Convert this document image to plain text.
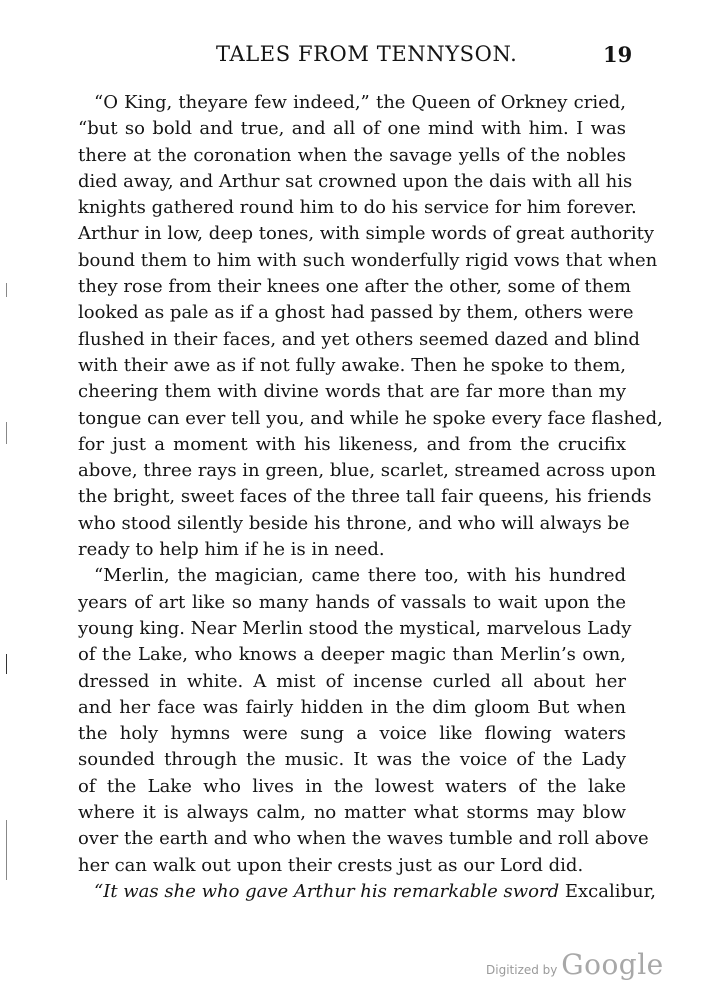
TALES FROM TENNYSON.	19
“O King, theyare few indeed,” the Queen of Orkney cried,
“but so bold and true, and all of one mind with him. I was
there at the coronation when the savage yells of the nobles
died away, and Arthur sat crowned upon the dais with all his
knights gathered round him to do his service for him forever.
Arthur in low, deep tones, with simple words of great authority
bound them to him with such wonderfully rigid vows that when
they rose from their knees one after the other, some of them
looked as pale as if a ghost had passed by them, others were
flushed in their faces, and yet others seemed dazed and blind
with their awe as if not fully awake. Then he spoke to them,
cheering them with divine words that are far more than my
tongue can ever tell you, and while he spoke every face flashed,
for just a moment with his likeness, and from the crucifix
above, three rays in green, blue, scarlet, streamed across upon
the bright, sweet faces of the three tall fair queens, his friends
who stood silently beside his throne, and who will always be
ready to help him if he is in need.
“Merlin, the magician, came there too, with his hundred
years of art like so many hands of vassals to wait upon the
young king. Near Merlin stood the mystical, marvelous Lady
of the Lake, who knows a deeper magic than Merlin’s own,
dressed in white. A mist of incense curled all about her
and her face was fairly hidden in the dim gloom But when
the holy hymns were sung a voice like flowing waters
sounded through the music. It was the voice of the Lady
of the Lake who lives in the lowest waters of the lake
where it is always calm, no matter what storms may blow
over the earth and who when the waves tumble and roll above
her can walk out upon their crests just as our Lord did.
“It was she who gave Arthur his remarkable sword Excalibur,
Digitized by Google
